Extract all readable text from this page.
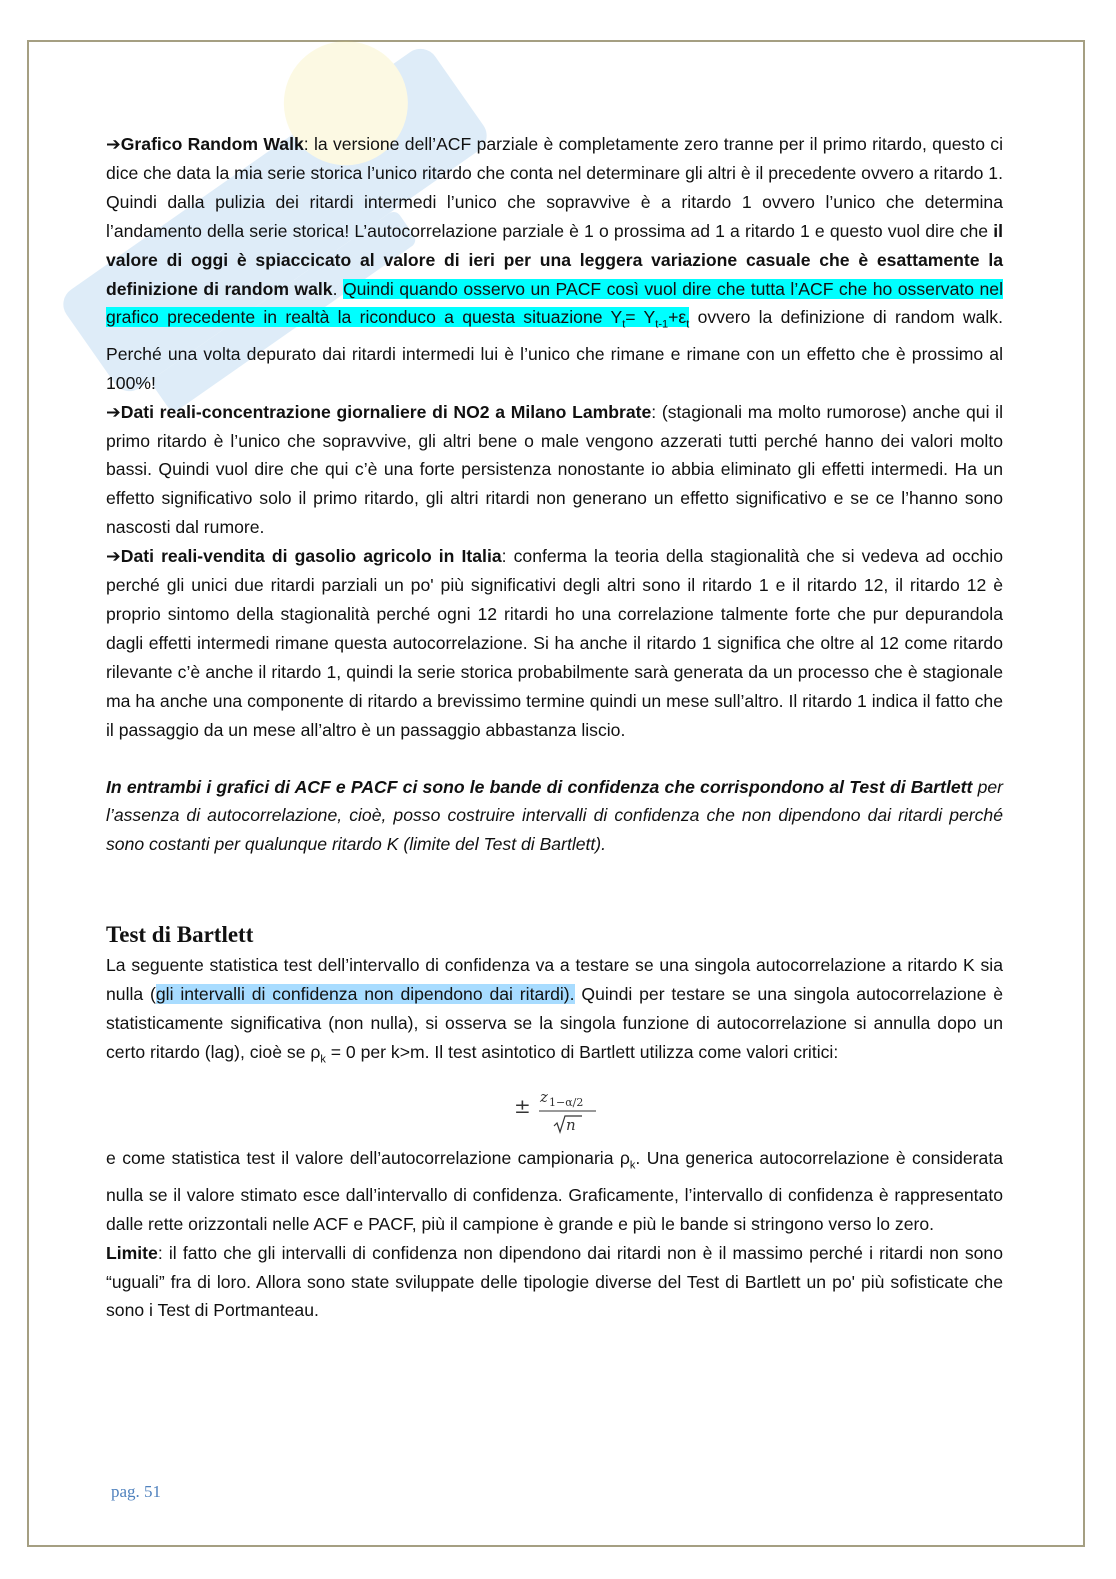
➔Grafico Random Walk: la versione dell’ACF parziale è completamente zero tranne per il primo ritardo, questo ci dice che data la mia serie storica l’unico ritardo che conta nel determinare gli altri è il precedente ovvero a ritardo 1. Quindi dalla pulizia dei ritardi intermedi l’unico che sopravvive è a ritardo 1 ovvero l’unico che determina l’andamento della serie storica! L’autocorrelazione parziale è 1 o prossima ad 1 a ritardo 1 e questo vuol dire che il valore di oggi è spiaccicato al valore di ieri per una leggera variazione casuale che è esattamente la definizione di random walk. Quindi quando osservo un PACF così vuol dire che tutta l’ACF che ho osservato nel grafico precedente in realtà la riconduco a questa situazione $Y_t= Y_{t-1}+\varepsilon_t$ ovvero la definizione di random walk. Perché una volta depurato dai ritardi intermedi lui è l’unico che rimane e rimane con un effetto che è prossimo al 100%!

➔Dati reali-concentrazione giornaliere di NO2 a Milano Lambrate: (stagionali ma molto rumorose) anche qui il primo ritardo è l’unico che sopravvive, gli altri bene o male vengono azzerati tutti perché hanno dei valori molto bassi. Quindi vuol dire che qui c’è una forte persistenza nonostante io abbia eliminato gli effetti intermedi. Ha un effetto significativo solo il primo ritardo, gli altri ritardi non generano un effetto significativo e se ce l’hanno sono nascosti dal rumore.

➔Dati reali-vendita di gasolio agricolo in Italia: conferma la teoria della stagionalità che si vedeva ad occhio perché gli unici due ritardi parziali un po' più significativi degli altri sono il ritardo 1 e il ritardo 12, il ritardo 12 è proprio sintomo della stagionalità perché ogni 12 ritardi ho una correlazione talmente forte che pur depurandola dagli effetti intermedi rimane questa autocorrelazione. Si ha anche il ritardo 1 significa che oltre al 12 come ritardo rilevante c’è anche il ritardo 1, quindi la serie storica probabilmente sarà generata da un processo che è stagionale ma ha anche una componente di ritardo a brevissimo termine quindi un mese sull’altro. Il ritardo 1 indica il fatto che il passaggio da un mese all’altro è un passaggio abbastanza liscio.

In entrambi i grafici di ACF e PACF ci sono le bande di confidenza che corrispondono al Test di Bartlett per l’assenza di autocorrelazione, cioè, posso costruire intervalli di confidenza che non dipendono dai ritardi perché sono costanti per qualunque ritardo K (limite del Test di Bartlett).

Test di Bartlett

La seguente statistica test dell’intervallo di confidenza va a testare se una singola autocorrelazione a ritardo K sia nulla (gli intervalli di confidenza non dipendono dai ritardi). Quindi per testare se una singola autocorrelazione è statisticamente significativa (non nulla), si osserva se la singola funzione di autocorrelazione si annulla dopo un certo ritardo (lag), cioè se $\rho_k = 0$ per k>m. Il test asintotico di Bartlett utilizza come valori critici:

± z 1−α/2
n

e come statistica test il valore dell’autocorrelazione campionaria $\rho_k$. Una generica autocorrelazione è considerata nulla se il valore stimato esce dall’intervallo di confidenza. Graficamente, l’intervallo di confidenza è rappresentato dalle rette orizzontali nelle ACF e PACF, più il campione è grande e più le bande si stringono verso lo zero.

Limite: il fatto che gli intervalli di confidenza non dipendono dai ritardi non è il massimo perché i ritardi non sono “uguali” fra di loro. Allora sono state sviluppate delle tipologie diverse del Test di Bartlett un po' più sofisticate che sono i Test di Portmanteau.

pag. 51
